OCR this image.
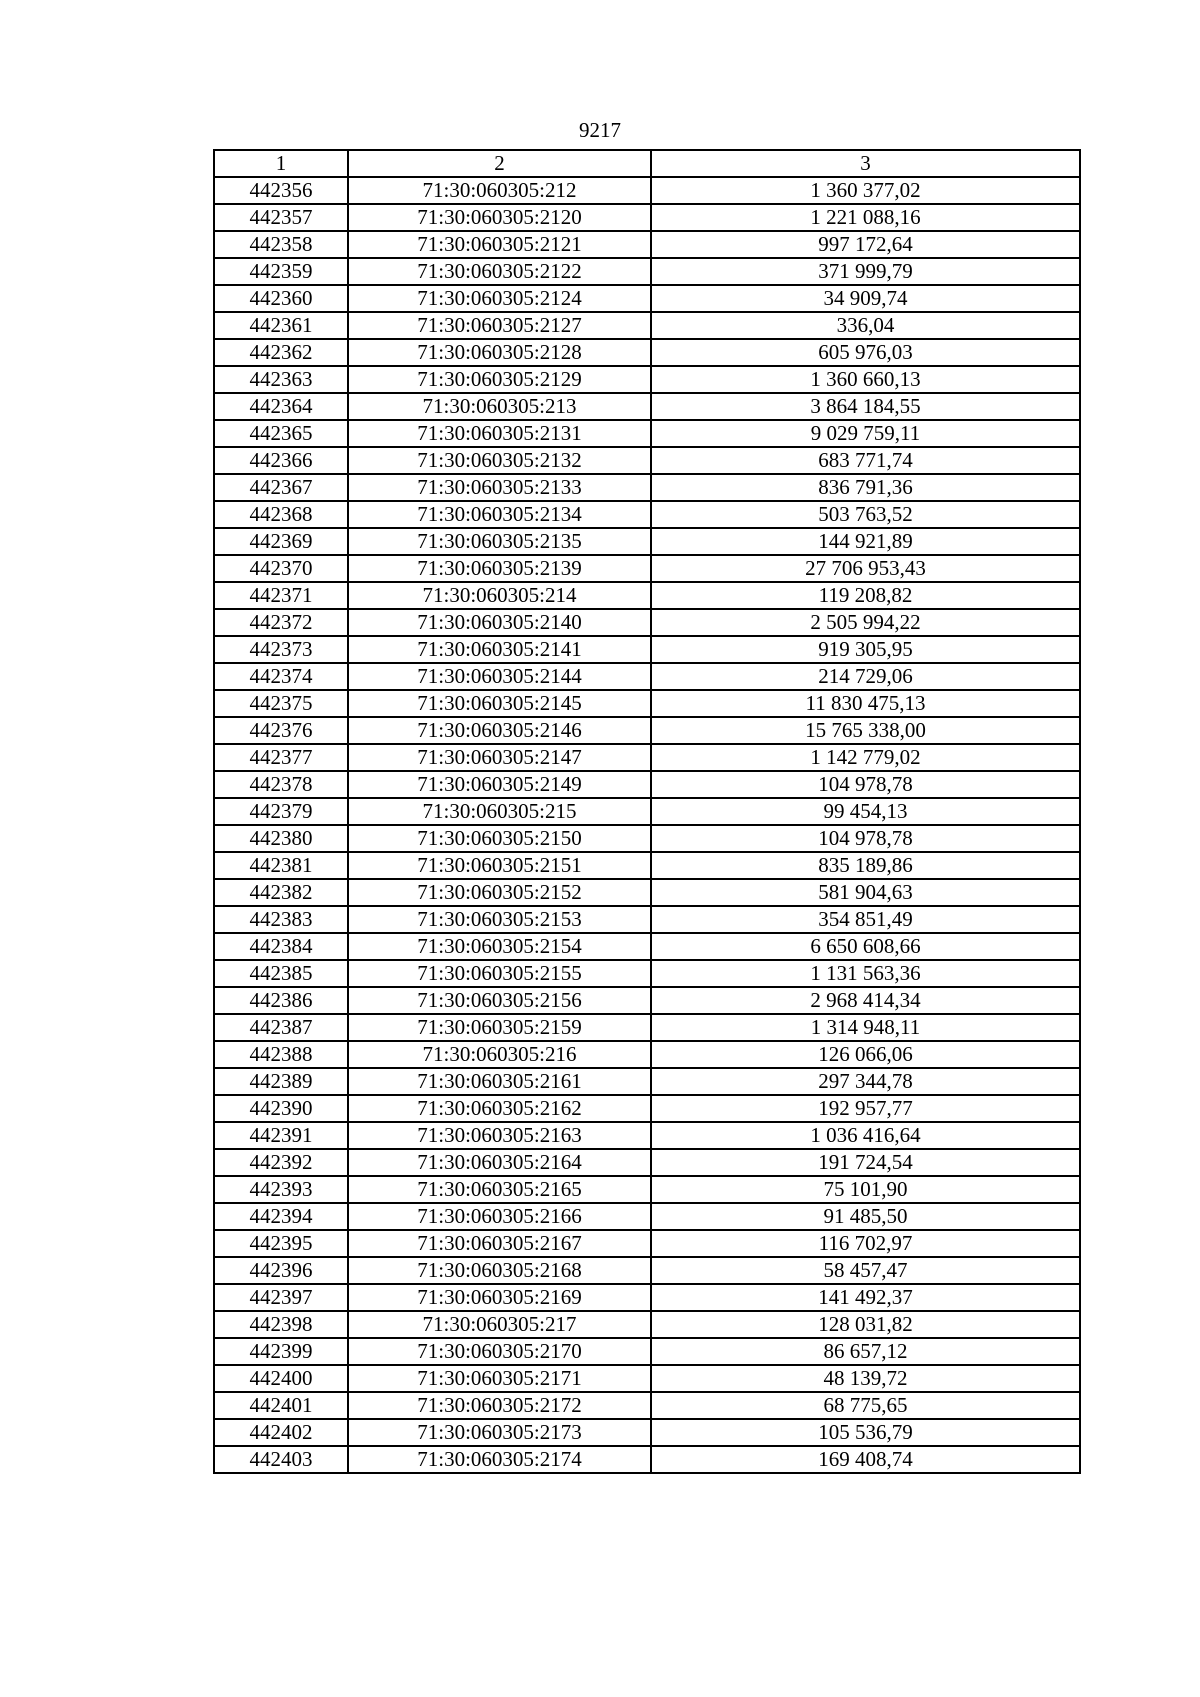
9217
1	2	3
442356	71:30:060305:212	1 360 377,02
442357	71:30:060305:2120	1 221 088,16
442358	71:30:060305:2121	997 172,64
442359	71:30:060305:2122	371 999,79
442360	71:30:060305:2124	34 909,74
442361	71:30:060305:2127	336,04
442362	71:30:060305:2128	605 976,03
442363	71:30:060305:2129	1 360 660,13
442364	71:30:060305:213	3 864 184,55
442365	71:30:060305:2131	9 029 759,11
442366	71:30:060305:2132	683 771,74
442367	71:30:060305:2133	836 791,36
442368	71:30:060305:2134	503 763,52
442369	71:30:060305:2135	144 921,89
442370	71:30:060305:2139	27 706 953,43
442371	71:30:060305:214	119 208,82
442372	71:30:060305:2140	2 505 994,22
442373	71:30:060305:2141	919 305,95
442374	71:30:060305:2144	214 729,06
442375	71:30:060305:2145	11 830 475,13
442376	71:30:060305:2146	15 765 338,00
442377	71:30:060305:2147	1 142 779,02
442378	71:30:060305:2149	104 978,78
442379	71:30:060305:215	99 454,13
442380	71:30:060305:2150	104 978,78
442381	71:30:060305:2151	835 189,86
442382	71:30:060305:2152	581 904,63
442383	71:30:060305:2153	354 851,49
442384	71:30:060305:2154	6 650 608,66
442385	71:30:060305:2155	1 131 563,36
442386	71:30:060305:2156	2 968 414,34
442387	71:30:060305:2159	1 314 948,11
442388	71:30:060305:216	126 066,06
442389	71:30:060305:2161	297 344,78
442390	71:30:060305:2162	192 957,77
442391	71:30:060305:2163	1 036 416,64
442392	71:30:060305:2164	191 724,54
442393	71:30:060305:2165	75 101,90
442394	71:30:060305:2166	91 485,50
442395	71:30:060305:2167	116 702,97
442396	71:30:060305:2168	58 457,47
442397	71:30:060305:2169	141 492,37
442398	71:30:060305:217	128 031,82
442399	71:30:060305:2170	86 657,12
442400	71:30:060305:2171	48 139,72
442401	71:30:060305:2172	68 775,65
442402	71:30:060305:2173	105 536,79
442403	71:30:060305:2174	169 408,74
